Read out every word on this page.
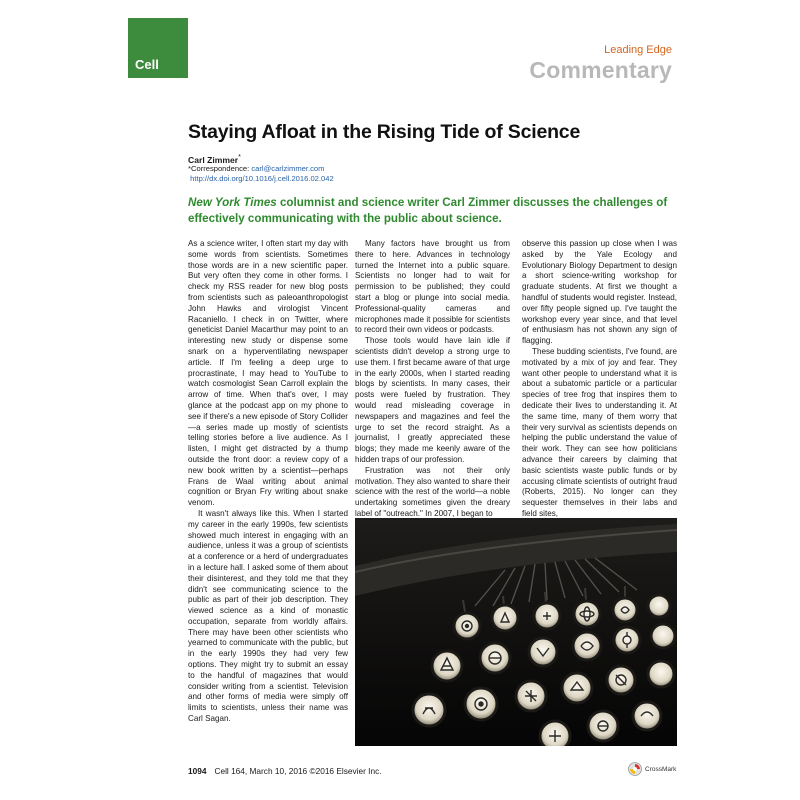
Cell
Leading Edge
Commentary
Staying Afloat in the Rising Tide of Science
Carl Zimmer*
*Correspondence: carl@carlzimmer.com
http://dx.doi.org/10.1016/j.cell.2016.02.042
New York Times columnist and science writer Carl Zimmer discusses the challenges of effectively communicating with the public about science.

As a science writer, I often start my day with some words from scientists. Sometimes those words are in a new scientific paper. But very often they come in other forms. I check my RSS reader for new blog posts from scientists such as paleoanthropologist John Hawks and virologist Vincent Racaniello. I check in on Twitter, where geneticist Daniel Macarthur may point to an interesting new study or dispense some snark on a hyperventilating newspaper article. If I'm feeling a deep urge to procrastinate, I may head to YouTube to watch cosmologist Sean Carroll explain the arrow of time. When that's over, I may glance at the podcast app on my phone to see if there's a new episode of Story Collider—a series made up mostly of scientists telling stories before a live audience. As I listen, I might get distracted by a thump outside the front door: a review copy of a new book written by a scientist—perhaps Frans de Waal writing about animal cognition or Bryan Fry writing about snake venom.

It wasn't always like this. When I started my career in the early 1990s, few scientists showed much interest in engaging with an audience, unless it was a group of scientists at a conference or a herd of undergraduates in a lecture hall. I asked some of them about their disinterest, and they told me that they didn't see communicating science to the public as part of their job description. They viewed science as a kind of monastic occupation, separate from worldly affairs. There may have been other scientists who yearned to communicate with the public, but in the early 1990s they had very few options. They might try to submit an essay to the handful of magazines that would consider writing from a scientist. Television and other forms of media were simply off limits to scientists, unless their name was Carl Sagan.

Many factors have brought us from there to here. Advances in technology turned the Internet into a public square. Scientists no longer had to wait for permission to be published; they could start a blog or plunge into social media. Professional-quality cameras and microphones made it possible for scientists to record their own videos or podcasts.

Those tools would have lain idle if scientists didn't develop a strong urge to use them. I first became aware of that urge in the early 2000s, when I started reading blogs by scientists. In many cases, their posts were fueled by frustration. They would read misleading coverage in newspapers and magazines and feel the urge to set the record straight. As a journalist, I greatly appreciated these blogs; they made me keenly aware of the hidden traps of our profession.

Frustration was not their only motivation. They also wanted to share their science with the rest of the world—a noble undertaking sometimes given the dreary label of "outreach." In 2007, I began to

observe this passion up close when I was asked by the Yale Ecology and Evolutionary Biology Department to design a short science-writing workshop for graduate students. At first we thought a handful of students would register. Instead, over fifty people signed up. I've taught the workshop every year since, and that level of enthusiasm has not shown any sign of flagging.

These budding scientists, I've found, are motivated by a mix of joy and fear. They want other people to understand what it is about a subatomic particle or a particular species of tree frog that inspires them to dedicate their lives to understanding it. At the same time, many of them worry that their very survival as scientists depends on helping the public understand the value of their work. They can see how politicians advance their careers by claiming that basic scientists waste public funds or by accusing climate scientists of outright fraud (Roberts, 2015). No longer can they sequester themselves in their labs and field sites,

1094 Cell 164, March 10, 2016 ©2016 Elsevier Inc.	CrossMark
